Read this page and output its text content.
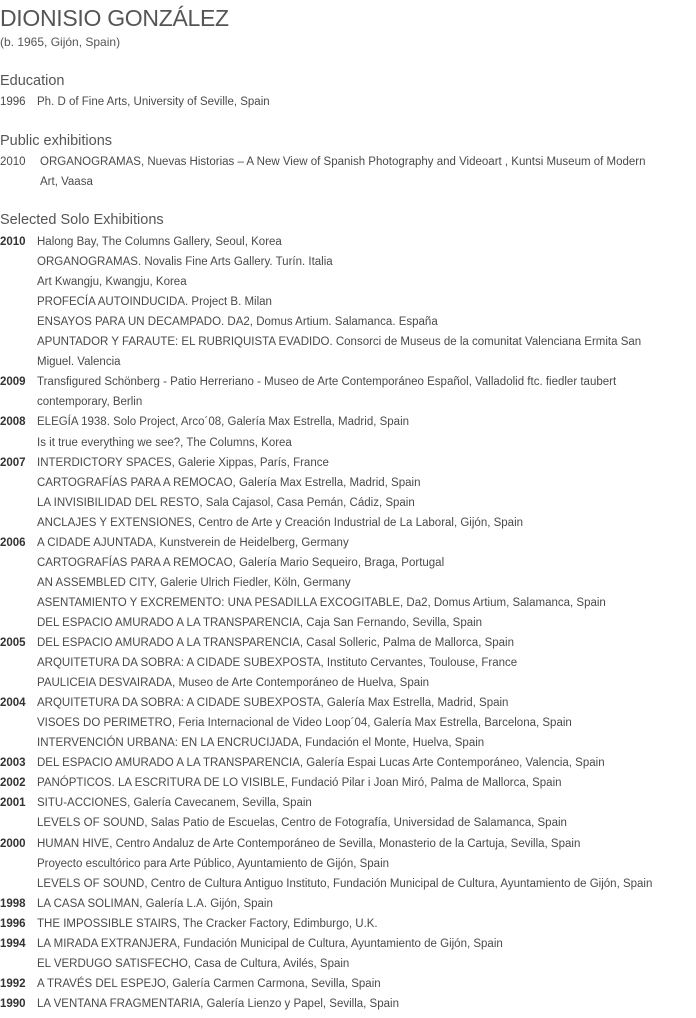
DIONISIO GONZÁLEZ
(b. 1965, Gijón, Spain)
Education
1996 Ph. D of Fine Arts, University of Seville, Spain
Public exhibitions
2010 ORGANOGRAMAS, Nuevas Historias – A New View of Spanish Photography and Videoart , Kuntsi Museum of Modern
Art, Vaasa
Selected Solo Exhibitions
2010 Halong Bay, The Columns Gallery, Seoul, Korea
ORGANOGRAMAS. Novalis Fine Arts Gallery. Turín. Italia
Art Kwangju, Kwangju, Korea
PROFECÍA AUTOINDUCIDA. Project B. Milan
ENSAYOS PARA UN DECAMPADO. DA2, Domus Artium. Salamanca. España
APUNTADOR Y FARAUTE: EL RUBRIQUISTA EVADIDO. Consorci de Museus de la comunitat Valenciana Ermita San
Miguel. Valencia
2009 Transfigured Schönberg - Patio Herreriano - Museo de Arte Contemporáneo Español, Valladolid ftc. fiedler taubert
contemporary, Berlin
2008 ELEGÍA 1938. Solo Project, Arco´08, Galería Max Estrella, Madrid, Spain
Is it true everything we see?, The Columns, Korea
2007 INTERDICTORY SPACES, Galerie Xippas, París, France
CARTOGRAFÍAS PARA A REMOCAO, Galería Max Estrella, Madrid, Spain
LA INVISIBILIDAD DEL RESTO, Sala Cajasol, Casa Pemán, Cádiz, Spain
ANCLAJES Y EXTENSIONES, Centro de Arte y Creación Industrial de La Laboral, Gijón, Spain
2006 A CIDADE AJUNTADA, Kunstverein de Heidelberg, Germany
CARTOGRAFÍAS PARA A REMOCAO, Galería Mario Sequeiro, Braga, Portugal
AN ASSEMBLED CITY, Galerie Ulrich Fiedler, Köln, Germany
ASENTAMIENTO Y EXCREMENTO: UNA PESADILLA EXCOGITABLE, Da2, Domus Artium, Salamanca, Spain
DEL ESPACIO AMURADO A LA TRANSPARENCIA, Caja San Fernando, Sevilla, Spain
2005 DEL ESPACIO AMURADO A LA TRANSPARENCIA, Casal Solleric, Palma de Mallorca, Spain
ARQUITETURA DA SOBRA: A CIDADE SUBEXPOSTA, Instituto Cervantes, Toulouse, France
PAULICEIA DESVAIRADA, Museo de Arte Contemporáneo de Huelva, Spain
2004 ARQUITETURA DA SOBRA: A CIDADE SUBEXPOSTA, Galería Max Estrella, Madrid, Spain
VISOES DO PERIMETRO, Feria Internacional de Video Loop´04, Galería Max Estrella, Barcelona, Spain
INTERVENCIÓN URBANA: EN LA ENCRUCIJADA, Fundación el Monte, Huelva, Spain
2003 DEL ESPACIO AMURADO A LA TRANSPARENCIA, Galería Espai Lucas Arte Contemporáneo, Valencia, Spain
2002 PANÓPTICOS. LA ESCRITURA DE LO VISIBLE, Fundació Pilar i Joan Miró, Palma de Mallorca, Spain
2001 SITU-ACCIONES, Galería Cavecanem, Sevilla, Spain
LEVELS OF SOUND, Salas Patio de Escuelas, Centro de Fotografía, Universidad de Salamanca, Spain
2000 HUMAN HIVE, Centro Andaluz de Arte Contemporáneo de Sevilla, Monasterio de la Cartuja, Sevilla, Spain
Proyecto escultórico para Arte Público, Ayuntamiento de Gijón, Spain
LEVELS OF SOUND, Centro de Cultura Antiguo Instituto, Fundación Municipal de Cultura, Ayuntamiento de Gijón, Spain
1998 LA CASA SOLIMAN, Galería L.A. Gijón, Spain
1996 THE IMPOSSIBLE STAIRS, The Cracker Factory, Edimburgo, U.K.
1994 LA MIRADA EXTRANJERA, Fundación Municipal de Cultura, Ayuntamiento de Gijón, Spain
EL VERDUGO SATISFECHO, Casa de Cultura, Avilés, Spain
1992 A TRAVÉS DEL ESPEJO, Galería Carmen Carmona, Sevilla, Spain
1990 LA VENTANA FRAGMENTARIA, Galería Lienzo y Papel, Sevilla, Spain
